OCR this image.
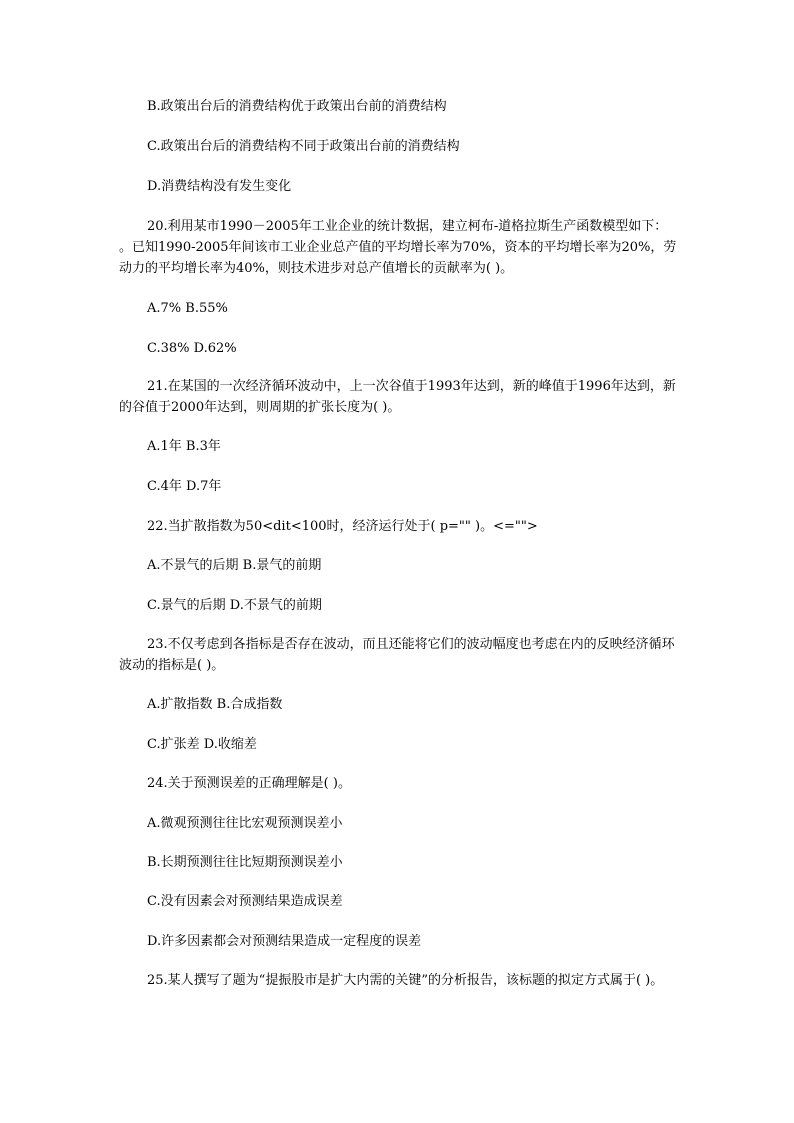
B.政策出台后的消费结构优于政策出台前的消费结构

C.政策出台后的消费结构不同于政策出台前的消费结构

D.消费结构没有发生变化

20.利用某市1990－2005年工业企业的统计数据，建立柯布-道格拉斯生产函数模型如下： 。已知1990-2005年间该市工业企业总产值的平均增长率为70%，资本的平均增长率为20%，劳动力的平均增长率为40%，则技术进步对总产值增长的贡献率为( )。

A.7% B.55%

C.38% D.62%

21.在某国的一次经济循环波动中，上一次谷值于1993年达到，新的峰值于1996年达到，新的谷值于2000年达到，则周期的扩张长度为( )。

A.1年 B.3年

C.4年 D.7年

22.当扩散指数为50<dit<100时，经济运行处于( p="" )。<="">

A.不景气的后期 B.景气的前期

C.景气的后期 D.不景气的前期

23.不仅考虑到各指标是否存在波动，而且还能将它们的波动幅度也考虑在内的反映经济循环波动的指标是( )。

A.扩散指数 B.合成指数

C.扩张差 D.收缩差

24.关于预测误差的正确理解是( )。

A.微观预测往往比宏观预测误差小

B.长期预测往往比短期预测误差小

C.没有因素会对预测结果造成误差

D.许多因素都会对预测结果造成一定程度的误差

25.某人撰写了题为“提振股市是扩大内需的关键”的分析报告，该标题的拟定方式属于( )。
